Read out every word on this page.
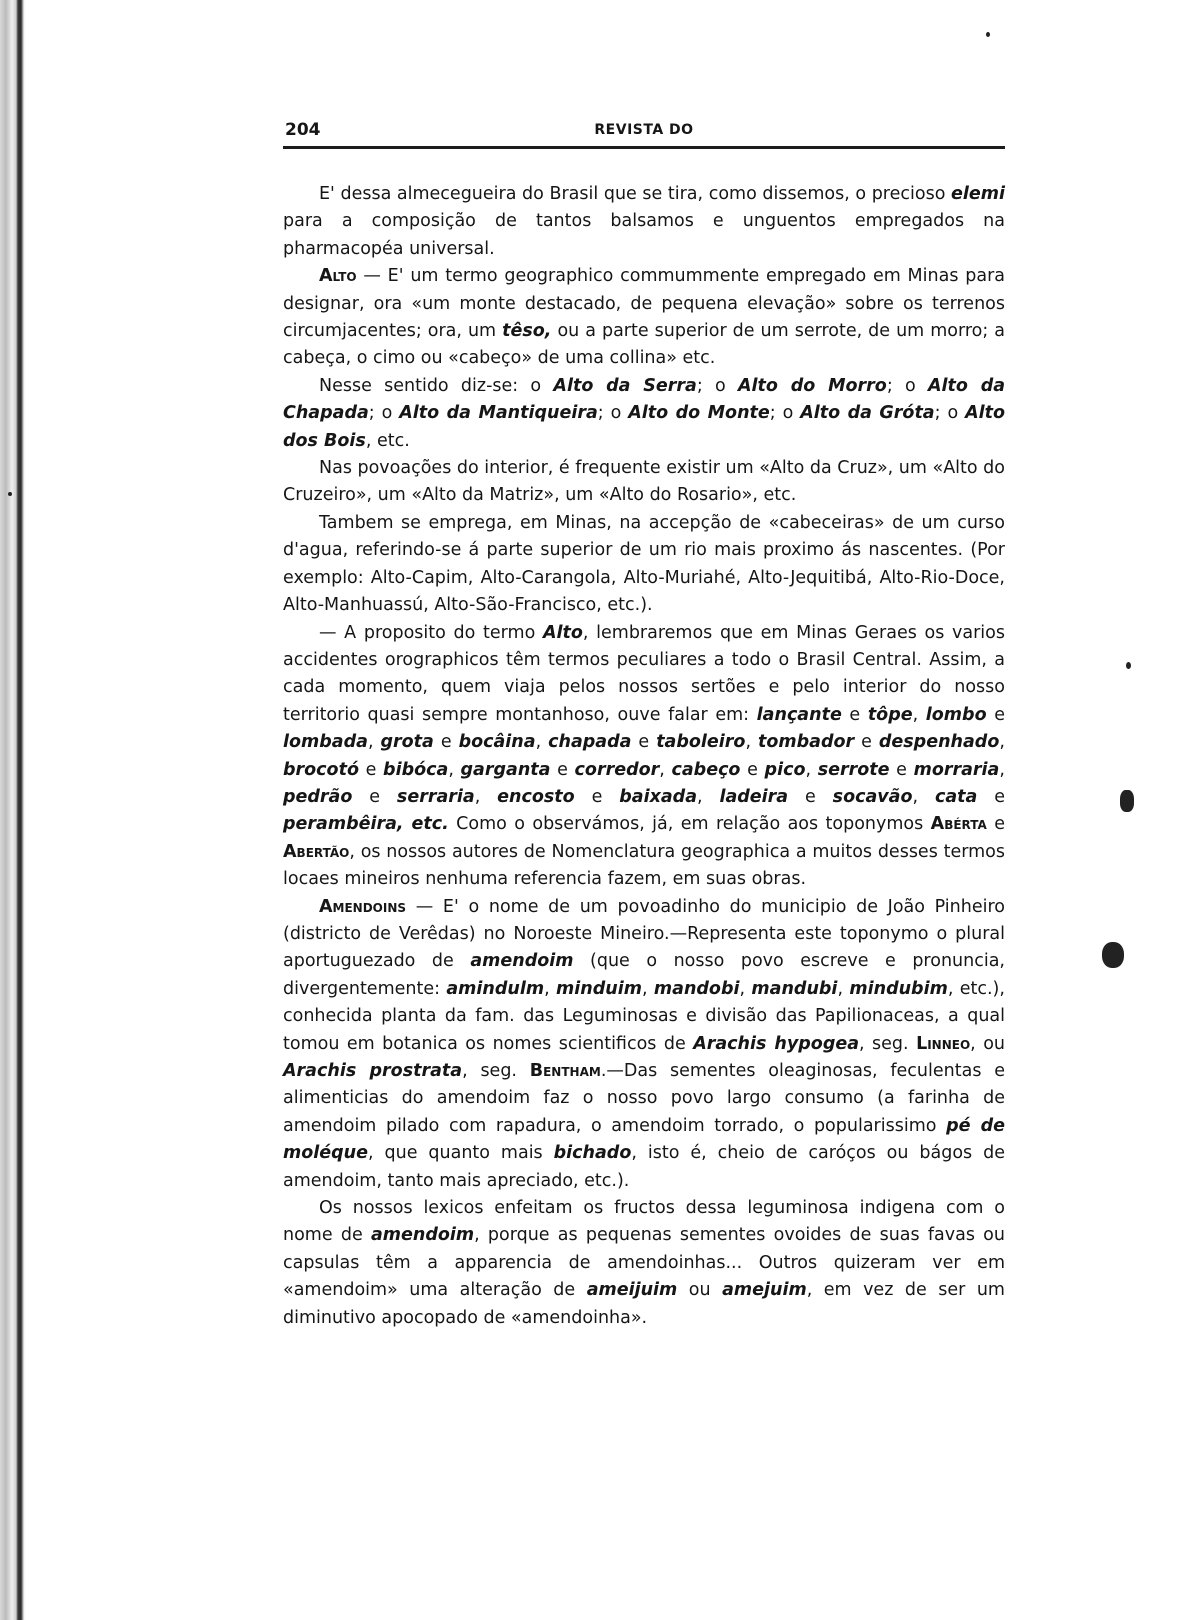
204	REVISTA DO

E' dessa almecegueira do Brasil que se tira, como dissemos, o precioso elemi para a composição de tantos balsamos e unguentos empregados na pharmacopéa universal.

Alto — E' um termo geographico commummente empregado em Minas para designar, ora «um monte destacado, de pequena elevação» sobre os terrenos circumjacentes; ora, um têso, ou a parte superior de um serrote, de um morro; a cabeça, o cimo ou «cabeço» de uma collina» etc.

Nesse sentido diz-se: o Alto da Serra; o Alto do Morro; o Alto da Chapada; o Alto da Mantiqueira; o Alto do Monte; o Alto da Gróta; o Alto dos Bois, etc.

Nas povoações do interior, é frequente existir um «Alto da Cruz», um «Alto do Cruzeiro», um «Alto da Matriz», um «Alto do Rosario», etc.

Tambem se emprega, em Minas, na accepção de «cabeceiras» de um curso d'agua, referindo-se á parte superior de um rio mais proximo ás nascentes. (Por exemplo: Alto-Capim, Alto-Carangola, Alto-Muriahé, Alto-Jequitibá, Alto-Rio-Doce, Alto-Manhuassú, Alto-São-Francisco, etc.).

— A proposito do termo Alto, lembraremos que em Minas Geraes os varios accidentes orographicos têm termos peculiares a todo o Brasil Central. Assim, a cada momento, quem viaja pelos nossos sertões e pelo interior do nosso territorio quasi sempre montanhoso, ouve falar em: lançante e tôpe, lombo e lombada, grota e bocâina, chapada e taboleiro, tombador e despenhado, brocotó e bibóca, garganta e corredor, cabeço e pico, serrote e morraria, pedrão e serraria, encosto e baixada, ladeira e socavão, cata e perambêira, etc. Como o observámos, já, em relação aos toponymos Abérta e Abertão, os nossos autores de Nomenclatura geographica a muitos desses termos locaes mineiros nenhuma referencia fazem, em suas obras.

Amendoins — E' o nome de um povoadinho do municipio de João Pinheiro (districto de Verêdas) no Noroeste Mineiro.—Representa este toponymo o plural aportuguezado de amendoim (que o nosso povo escreve e pronuncia, divergentemente: amindulm, minduim, mandobi, mandubi, mindubim, etc.), conhecida planta da fam. das Leguminosas e divisão das Papilionaceas, a qual tomou em botanica os nomes scientificos de Arachis hypogea, seg. Linneo, ou Arachis prostrata, seg. Bentham.—Das sementes oleaginosas, feculentas e alimenticias do amendoim faz o nosso povo largo consumo (a farinha de amendoim pilado com rapadura, o amendoim torrado, o popularissimo pé de moléque, que quanto mais bichado, isto é, cheio de caróços ou bágos de amendoim, tanto mais apreciado, etc.).

Os nossos lexicos enfeitam os fructos dessa leguminosa indigena com o nome de amendoim, porque as pequenas sementes ovoides de suas favas ou capsulas têm a apparencia de amendoinhas... Outros quizeram ver em «amendoim» uma alteração de ameijuim ou amejuim, em vez de ser um diminutivo apocopado de «amendoinha».
